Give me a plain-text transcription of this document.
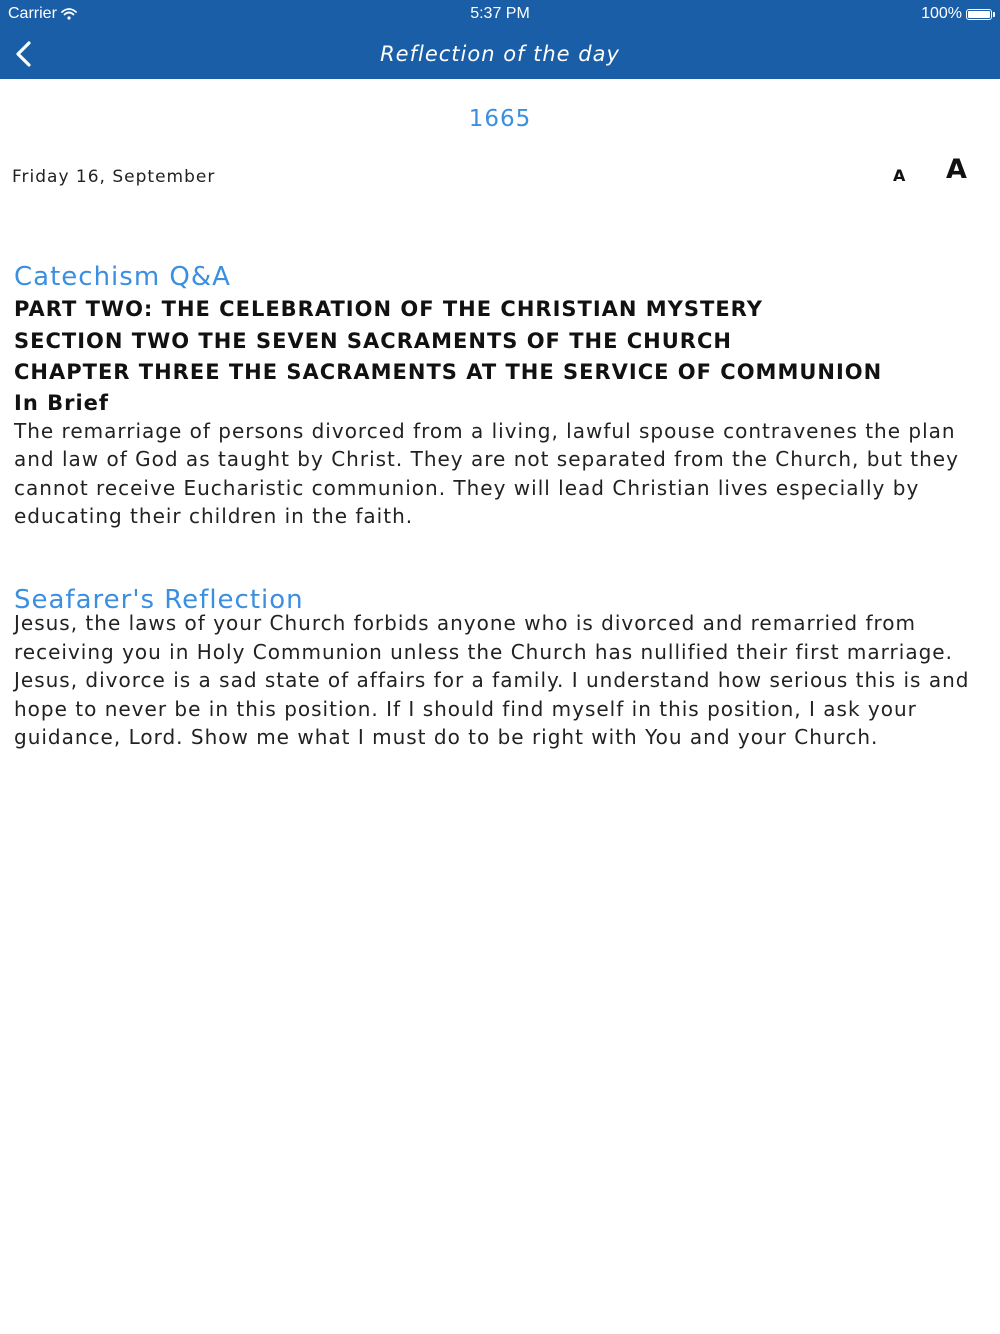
Carrier	5:37 PM	100%
Reflection of the day
1665
Friday 16, September	A A
Catechism Q&A
PART TWO: THE CELEBRATION OF THE CHRISTIAN MYSTERY
SECTION TWO THE SEVEN SACRAMENTS OF THE CHURCH
CHAPTER THREE THE SACRAMENTS AT THE SERVICE OF COMMUNION
In Brief
The remarriage of persons divorced from a living, lawful spouse contravenes the plan and law of God as taught by Christ. They are not separated from the Church, but they cannot receive Eucharistic communion. They will lead Christian lives especially by educating their children in the faith.
Seafarer's Reflection
Jesus, the laws of your Church forbids anyone who is divorced and remarried from receiving you in Holy Communion unless the Church has nullified their first marriage. Jesus, divorce is a sad state of affairs for a family. I understand how serious this is and hope to never be in this position. If I should find myself in this position, I ask your guidance, Lord. Show me what I must do to be right with You and your Church.
